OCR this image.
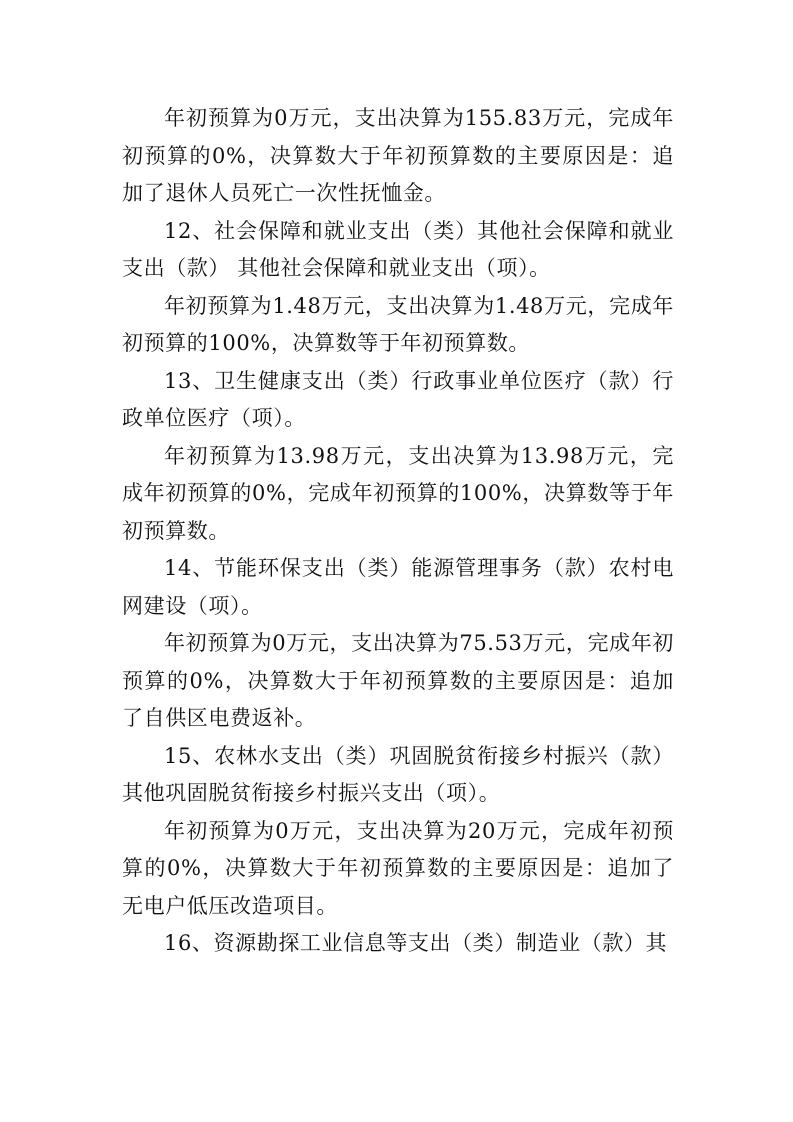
年初预算为0万元，支出决算为155.83万元，完成年初预算的0%，决算数大于年初预算数的主要原因是：追加了退休人员死亡一次性抚恤金。

12、社会保障和就业支出（类）其他社会保障和就业支出（款） 其他社会保障和就业支出（项）。

年初预算为1.48万元，支出决算为1.48万元，完成年初预算的100%，决算数等于年初预算数。

13、卫生健康支出（类）行政事业单位医疗（款）行政单位医疗（项）。

年初预算为13.98万元，支出决算为13.98万元，完成年初预算的0%，完成年初预算的100%，决算数等于年初预算数。

14、节能环保支出（类）能源管理事务（款）农村电网建设（项）。

年初预算为0万元，支出决算为75.53万元，完成年初预算的0%，决算数大于年初预算数的主要原因是：追加了自供区电费返补。

15、农林水支出（类）巩固脱贫衔接乡村振兴（款）其他巩固脱贫衔接乡村振兴支出（项）。

年初预算为0万元，支出决算为20万元，完成年初预算的0%，决算数大于年初预算数的主要原因是：追加了无电户低压改造项目。

16、资源勘探工业信息等支出（类）制造业（款）其
